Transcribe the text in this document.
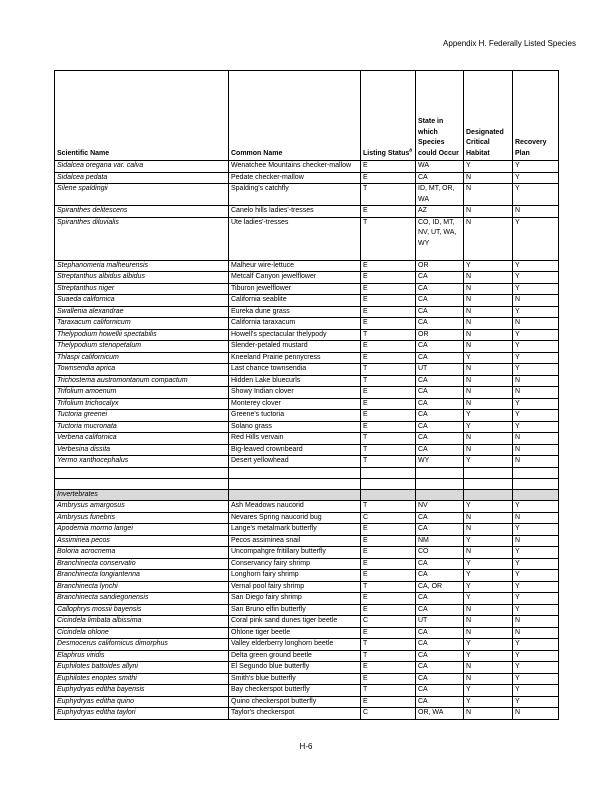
Appendix H. Federally Listed Species
Scientific Name	Common Name	Listing Status$^a$	State in which Species could Occur	Designated Critical Habitat	Recovery Plan
Sidalcea oregana var. calva	Wenatchee Mountains checker-mallow	E	WA	Y	Y
Sidalcea pedata	Pedate checker-mallow	E	CA	N	Y
Silene spaldingii	Spalding's catchfly	T	ID, MT, OR, WA	N	Y
Spiranthes delitescens	Canelo hills ladies'-tresses	E	AZ	N	N
Spiranthes diluvialis	Ute ladies'-tresses	T	CO, ID, MT, NV, UT, WA, WY	N	Y
Stephanomeria malheurensis	Malheur wire-lettuce	E	OR	Y	Y
Streptanthus albidus albidus	Metcalf Canyon jewelflower	E	CA	N	Y
Streptanthus niger	Tiburon jewelflower	E	CA	N	Y
Suaeda californica	California seablite	E	CA	N	N
Swallenia alexandrae	Eureka dune grass	E	CA	N	Y
Taraxacum californicum	California taraxacum	E	CA	N	N
Thelypodium howellii spectabilis	Howell's spectacular thelypody	T	OR	N	Y
Thelypodium stenopetalum	Slender-petaled mustard	E	CA	N	Y
Thlaspi californicum	Kneeland Prairie pennycress	E	CA	Y	Y
Townsendia aprica	Last chance townsendia	T	UT	N	Y
Trichostema austromontanum compactum	Hidden Lake bluecurls	T	CA	N	N
Trifolium amoenum	Showy Indian clover	E	CA	N	N
Trifolium trichocalyx	Monterey clover	E	CA	N	Y
Tuctoria greenei	Greene's tuctoria	E	CA	Y	Y
Tuctoria mucronata	Solano grass	E	CA	Y	Y
Verbena californica	Red Hills vervain	T	CA	N	N
Verbesina dissita	Big-leaved crownbeard	T	CA	N	N
Yermo xanthocephalus	Desert yellowhead	T	WY	Y	N

Invertebrates					
Ambrysus amargosus	Ash Meadows naucorid	T	NV	Y	Y
Ambrysus funebris	Nevares Spring naucorid bug	C	CA	N	N
Apodemia mormo langei	Lange's metalmark butterfly	E	CA	N	Y
Assiminea pecos	Pecos assiminea snail	E	NM	Y	N
Boloria acrocnema	Uncompahgre fritillary butterfly	E	CO	N	Y
Branchinecta conservatio	Conservancy fairy shrimp	E	CA	Y	Y
Branchinecta longiantenna	Longhorn fairy shrimp	E	CA	Y	Y
Branchinecta lynchi	Vernal pool fairy shrimp	T	CA, OR	Y	Y
Branchinecta sandiegonensis	San Diego fairy shrimp	E	CA	Y	Y
Callophrys mossii bayensis	San Bruno elfin butterfly	E	CA	N	Y
Cicindela limbata albissima	Coral pink sand dunes tiger beetle	C	UT	N	N
Cicindela ohlone	Ohlone tiger beetle	E	CA	N	N
Desmocerus californicus dimorphus	Valley elderberry longhorn beetle	T	CA	Y	Y
Elaphrus viridis	Delta green ground beetle	T	CA	Y	Y
Euphilotes battoides allyni	El Segundo blue butterfly	E	CA	N	Y
Euphilotes enoptes smithi	Smith's blue butterfly	E	CA	N	Y
Euphydryas editha bayensis	Bay checkerspot butterfly	T	CA	Y	Y
Euphydryas editha quino	Quino checkerspot butterfly	E	CA	Y	Y
Euphydryas editha taylori	Taylor's checkerspot	C	OR, WA	N	N
H-6
